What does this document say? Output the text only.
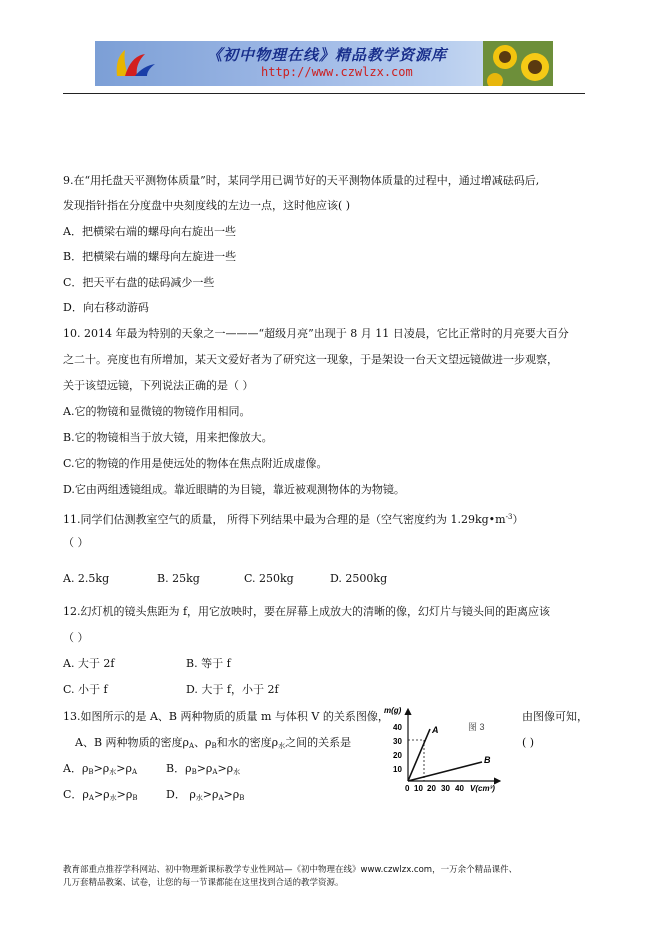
《初中物理在线》精品教学资源库
http://www.czwlzx.com
9.在“用托盘天平测物体质量”时，某同学用已调节好的天平测物体质量的过程中，通过增减砝码后,
发现指针指在分度盘中央刻度线的左边一点，这时他应该( )
A．把横梁右端的螺母向右旋出一些
B．把横梁右端的螺母向左旋进一些
C．把天平右盘的砝码减少一些
D．向右移动游码
10. 2014 年最为特别的天象之一———“超级月亮”出现于 8 月 11 日凌晨，它比正常时的月亮要大百分
之二十。亮度也有所增加，某天文爱好者为了研究这一现象，于是架设一台天文望远镜做进一步观察，
关于该望远镜，下列说法正确的是（ ）
A.它的物镜和显微镜的物镜作用相同。
B.它的物镜相当于放大镜，用来把像放大。
C.它的物镜的作用是使远处的物体在焦点附近成虚像。
D.它由两组透镜组成。靠近眼睛的为目镜，靠近被观测物体的为物镜。
11.同学们估测教室空气的质量， 所得下列结果中最为合理的是（空气密度约为 $1.29kg•m^{-3}$）
（ ）
A. 2.5kg	B. 25kg	C. 250kg	D. 2500kg
12.幻灯机的镜头焦距为 f，用它放映时，要在屏幕上成放大的清晰的像，幻灯片与镜头间的距离应该
（ ）
A. 大于 2f	B. 等于 f
C. 小于 f	D. 大于 f，小于 2f
13.如图所示的是 A、B 两种物质的质量 m 与体积 V 的关系图像，	由图像可知，
A、B 两种物质的密度$\rho_A$、$\rho_B$和水的密度$\rho_水$之间的关系是	( )
A．$\rho_B>\rho_水>\rho_A$	B．$\rho_B>\rho_A>\rho_水$
C．$\rho_A>\rho_水>\rho_B$	D． $\rho_水>\rho_A>\rho_B$
m(g)
40
30
20
10
0 10 20 30 40 V(cm³)
A
B
图 3
教育部重点推荐学科网站、初中物理新课标教学专业性网站—《初中物理在线》www.czwlzx.com，一万余个精品课件、
几万套精品教案、试卷，让您的每一节课都能在这里找到合适的教学资源。
